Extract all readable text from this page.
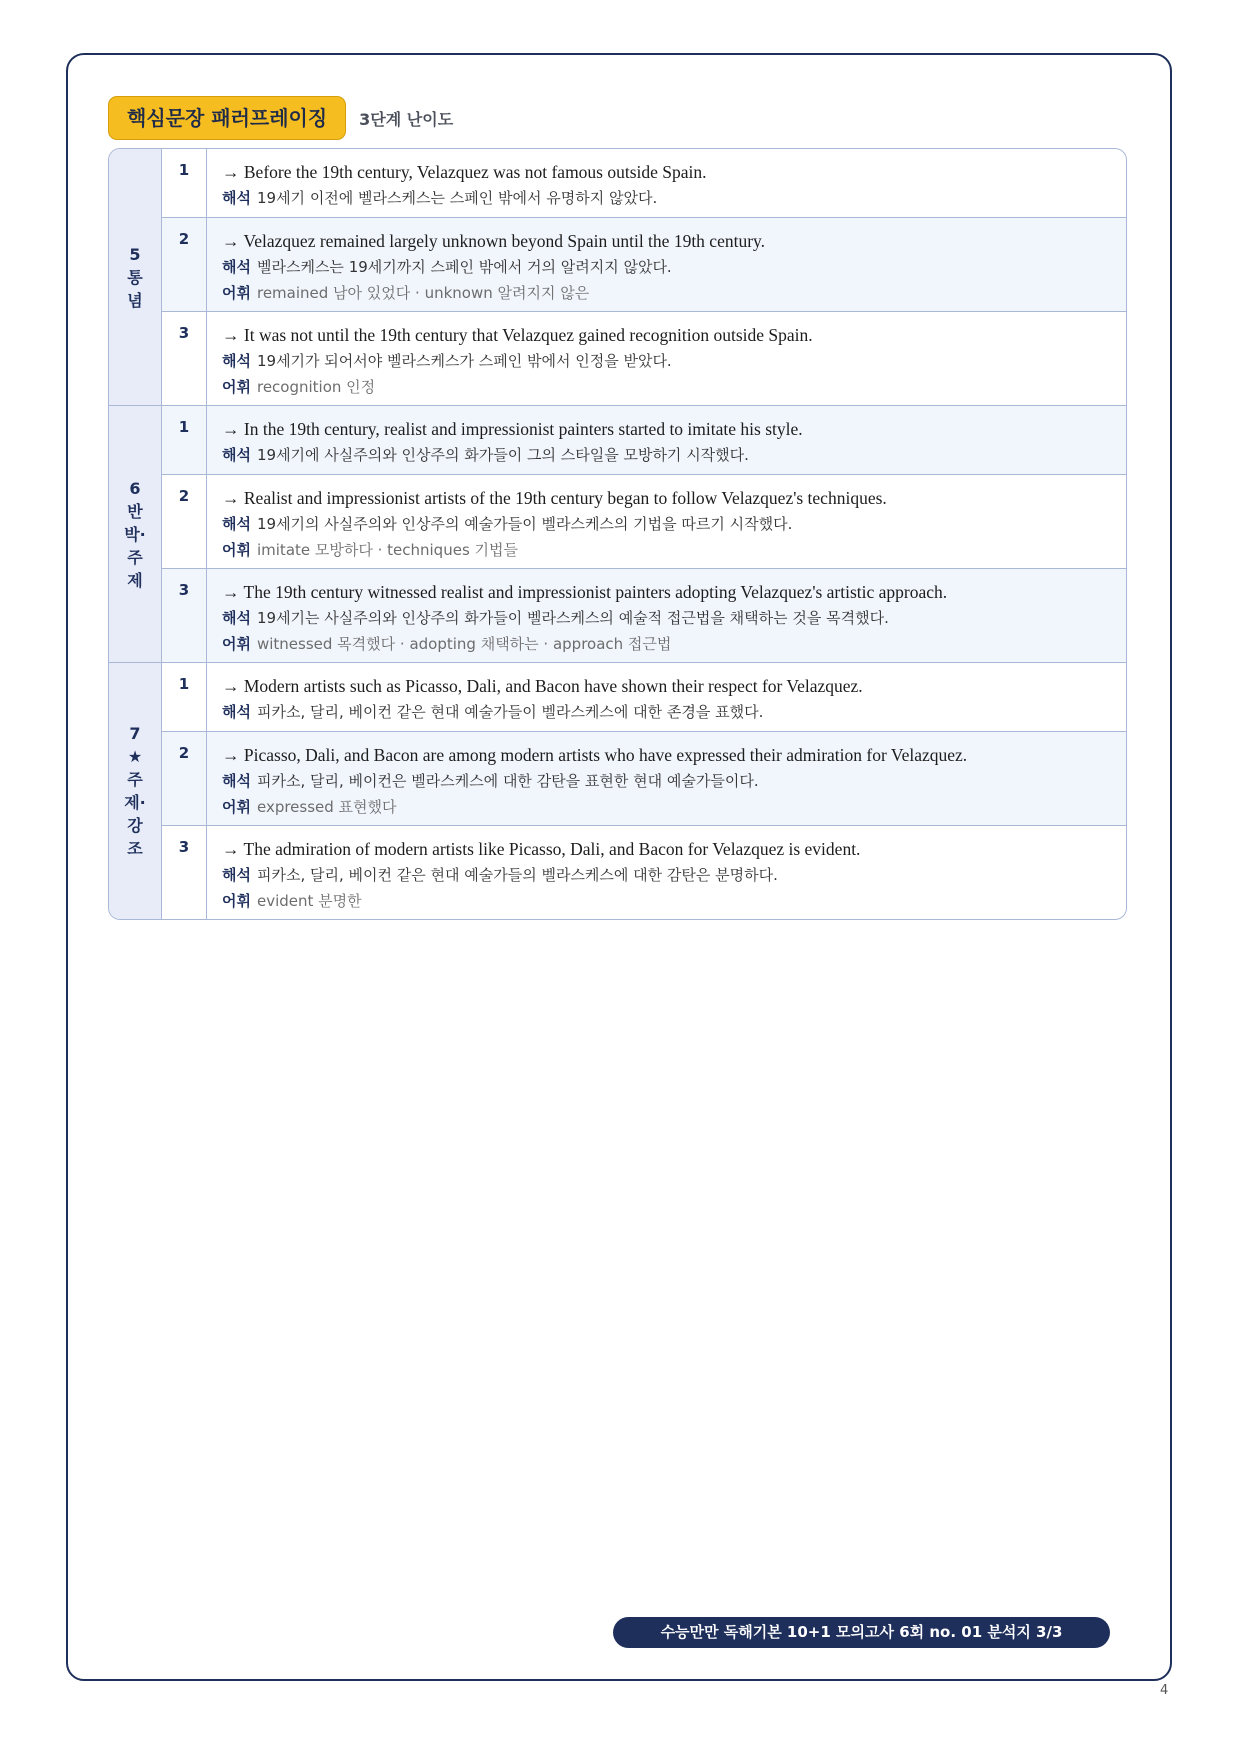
핵심문장 패러프레이징	3단계 난이도
5
통
념
1	→ Before the 19th century, Velazquez was not famous outside Spain.
해석 19세기 이전에 벨라스케스는 스페인 밖에서 유명하지 않았다.
2	→ Velazquez remained largely unknown beyond Spain until the 19th century.
해석 벨라스케스는 19세기까지 스페인 밖에서 거의 알려지지 않았다.
어휘 remained 남아 있었다 · unknown 알려지지 않은
3	→ It was not until the 19th century that Velazquez gained recognition outside Spain.
해석 19세기가 되어서야 벨라스케스가 스페인 밖에서 인정을 받았다.
어휘 recognition 인정
6
반
박·
주
제
1	→ In the 19th century, realist and impressionist painters started to imitate his style.
해석 19세기에 사실주의와 인상주의 화가들이 그의 스타일을 모방하기 시작했다.
2	→ Realist and impressionist artists of the 19th century began to follow Velazquez's techniques.
해석 19세기의 사실주의와 인상주의 예술가들이 벨라스케스의 기법을 따르기 시작했다.
어휘 imitate 모방하다 · techniques 기법들
3	→ The 19th century witnessed realist and impressionist painters adopting Velazquez's artistic approach.
해석 19세기는 사실주의와 인상주의 화가들이 벨라스케스의 예술적 접근법을 채택하는 것을 목격했다.
어휘 witnessed 목격했다 · adopting 채택하는 · approach 접근법
7
★
주
제·
강
조
1	→ Modern artists such as Picasso, Dali, and Bacon have shown their respect for Velazquez.
해석 피카소, 달리, 베이컨 같은 현대 예술가들이 벨라스케스에 대한 존경을 표했다.
2	→ Picasso, Dali, and Bacon are among modern artists who have expressed their admiration for Velazquez.
해석 피카소, 달리, 베이컨은 벨라스케스에 대한 감탄을 표현한 현대 예술가들이다.
어휘 expressed 표현했다
3	→ The admiration of modern artists like Picasso, Dali, and Bacon for Velazquez is evident.
해석 피카소, 달리, 베이컨 같은 현대 예술가들의 벨라스케스에 대한 감탄은 분명하다.
어휘 evident 분명한
수능만만 독해기본 10+1 모의고사 6회 no. 01 분석지 3/3
4
